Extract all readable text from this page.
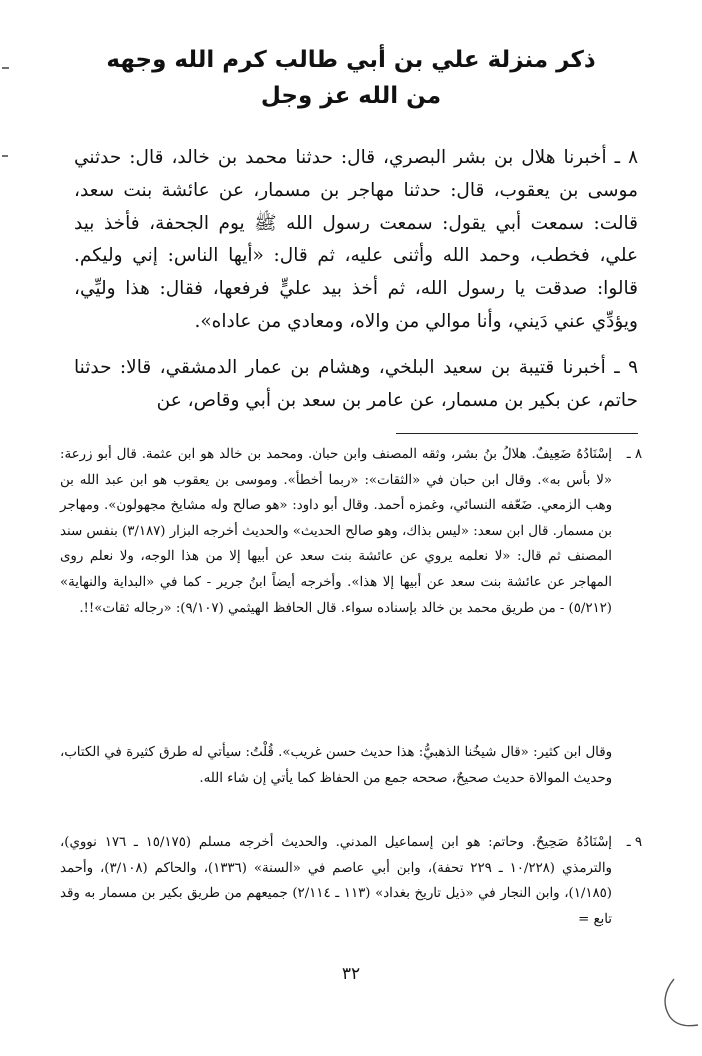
ذكر منزلة علي بن أبي طالب كرم الله وجهه

من الله عز وجل

٨ ـ أخبرنا هلال بن بشر البصري، قال: حدثنا محمد بن خالد، قال: حدثني موسى بن يعقوب، قال: حدثنا مهاجر بن مسمار، عن عائشة بنت سعد، قالت: سمعت أبي يقول: سمعت رسول الله ﷺ يوم الجحفة، فأخذ بيد علي، فخطب، وحمد الله وأثنى عليه، ثم قال: «أيها الناس: إني وليكم. قالوا: صدقت يا رسول الله، ثم أخذ بيد عليٍّ فرفعها، فقال: هذا وليِّي، ويؤدِّي عني دَيني، وأنا موالي من والاه، ومعادي من عاداه».

٩ ـ أخبرنا قتيبة بن سعيد البلخي، وهشام بن عمار الدمشقي، قالا: حدثنا حاتم، عن بكير بن مسمار، عن عامر بن سعد بن أبي وقاص، عن

٨ ـ
إسْنَادُهُ ضَعِيفٌ. هلالُ بنُ بشر، وثقه المصنف وابن حبان. ومحمد بن خالد هو ابن عثمة. قال أبو زرعة: «لا بأس به». وقال ابن حبان في «الثقات»: «ربما أخطأ». وموسى بن يعقوب هو ابن عبد الله بن وهب الزمعي. ضَعّفه النسائي، وغمزه أحمد. وقال أبو داود: «هو صالح وله مشايخ مجهولون». ومهاجر بن مسمار. قال ابن سعد: «ليس بذاك، وهو صالح الحديث» والحديث أخرجه البزار (٣/١٨٧) بنفس سند المصنف ثم قال: «لا نعلمه يروي عن عائشة بنت سعد عن أبيها إلا من هذا الوجه، ولا نعلم روى المهاجر عن عائشة بنت سعد عن أبيها إلا هذا». وأخرجه أيضاً ابنُ جرير - كما في «البداية والنهاية» (٥/٢١٢) - من طريق محمد بن خالد بإسناده سواء. قال الحافظ الهيثمي (٩/١٠٧): «رجاله ثقات»!!.
وقال ابن كثير: «قال شيخُنا الذهبيُّ: هذا حديث حسن غريب». قُلْتُ: سيأتي له طرق كثيرة في الكتاب، وحديث الموالاة حديث صحيحٌ، صححه جمع من الحفاظ كما يأتي إن شاء الله.
٩ ـ
إسْنَادُهُ صَحِيحٌ. وحاتم: هو ابن إسماعيل المدني. والحديث أخرجه مسلم (١٥/١٧٥ ـ ١٧٦ نووي)، والترمذي (١٠/٢٢٨ ـ ٢٢٩ تحفة)، وابن أبي عاصم في «السنة» (١٣٣٦)، والحاكم (٣/١٠٨)، وأحمد (١/١٨٥)، وابن النجار في «ذيل تاريخ بغداد» (١١٣ ـ ٢/١١٤) جميعهم من طريق بكير بن مسمار به وقد تابع =
٣٢
